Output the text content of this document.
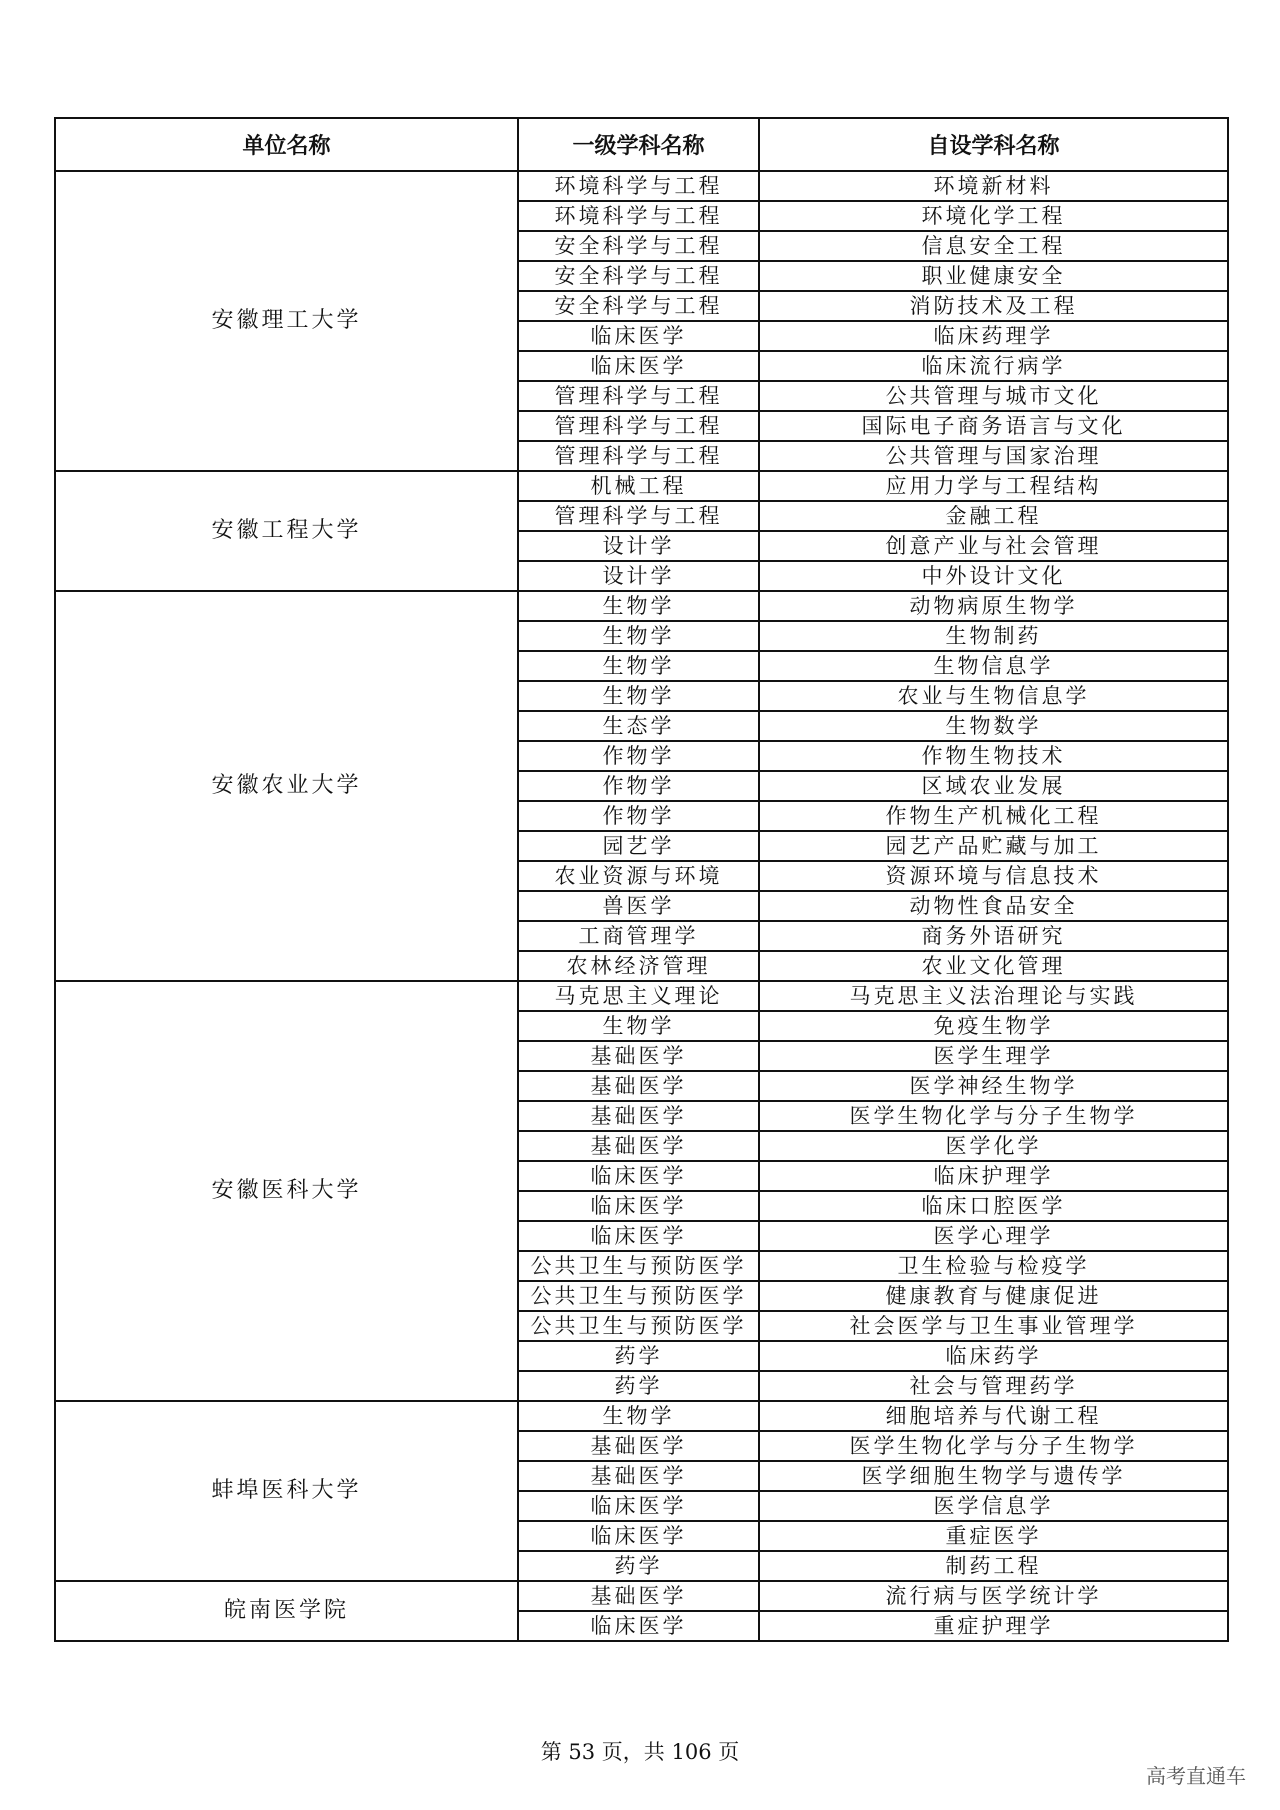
单位名称	一级学科名称	自设学科名称
安徽理工大学	环境科学与工程	环境新材料
	环境科学与工程	环境化学工程
	安全科学与工程	信息安全工程
	安全科学与工程	职业健康安全
	安全科学与工程	消防技术及工程
	临床医学	临床药理学
	临床医学	临床流行病学
	管理科学与工程	公共管理与城市文化
	管理科学与工程	国际电子商务语言与文化
	管理科学与工程	公共管理与国家治理
安徽工程大学	机械工程	应用力学与工程结构
	管理科学与工程	金融工程
	设计学	创意产业与社会管理
	设计学	中外设计文化
安徽农业大学	生物学	动物病原生物学
	生物学	生物制药
	生物学	生物信息学
	生物学	农业与生物信息学
	生态学	生物数学
	作物学	作物生物技术
	作物学	区域农业发展
	作物学	作物生产机械化工程
	园艺学	园艺产品贮藏与加工
	农业资源与环境	资源环境与信息技术
	兽医学	动物性食品安全
	工商管理学	商务外语研究
	农林经济管理	农业文化管理
安徽医科大学	马克思主义理论	马克思主义法治理论与实践
	生物学	免疫生物学
	基础医学	医学生理学
	基础医学	医学神经生物学
	基础医学	医学生物化学与分子生物学
	基础医学	医学化学
	临床医学	临床护理学
	临床医学	临床口腔医学
	临床医学	医学心理学
	公共卫生与预防医学	卫生检验与检疫学
	公共卫生与预防医学	健康教育与健康促进
	公共卫生与预防医学	社会医学与卫生事业管理学
	药学	临床药学
	药学	社会与管理药学
蚌埠医科大学	生物学	细胞培养与代谢工程
	基础医学	医学生物化学与分子生物学
	基础医学	医学细胞生物学与遗传学
	临床医学	医学信息学
	临床医学	重症医学
	药学	制药工程
皖南医学院	基础医学	流行病与医学统计学
	临床医学	重症护理学
第 53 页，共 106 页
高考直通车
